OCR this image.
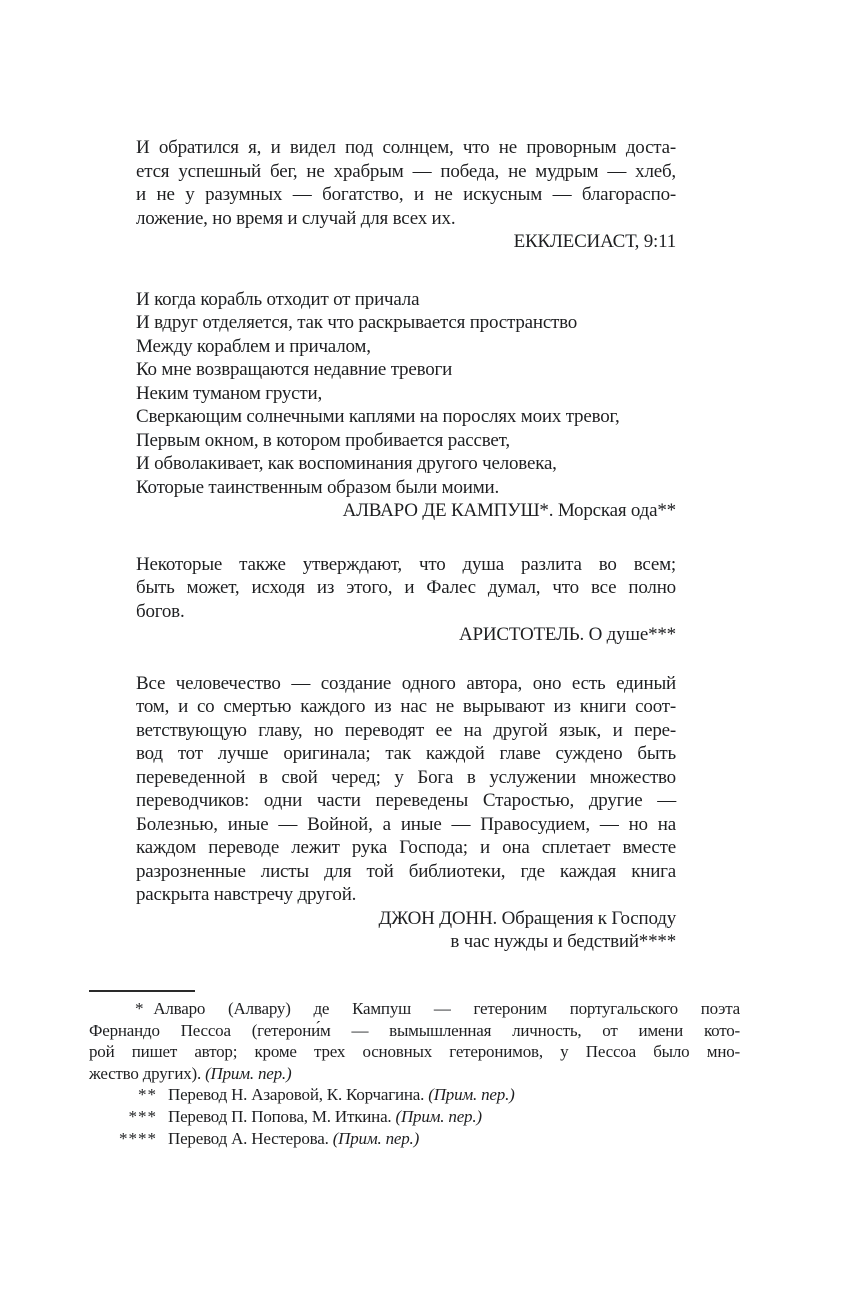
И обратился я, и видел под солнцем, что не проворным доста-
ется успешный бег, не храбрым — победа, не мудрым — хлеб,
и не у разумных — богатство, и не искусным — благораспо-
ложение, но время и случай для всех их.
ЕККЛЕСИАСТ, 9:11
И когда корабль отходит от причала
И вдруг отделяется, так что раскрывается пространство
Между кораблем и причалом,
Ко мне возвращаются недавние тревоги
Неким туманом грусти,
Сверкающим солнечными каплями на порослях моих тревог,
Первым окном, в котором пробивается рассвет,
И обволакивает, как воспоминания другого человека,
Которые таинственным образом были моими.
АЛВАРО ДЕ КАМПУШ*. Морская ода**
Некоторые также утверждают, что душа разлита во всем;
быть может, исходя из этого, и Фалес думал, что все полно
богов.
АРИСТОТЕЛЬ. О душе***
Все человечество — создание одного автора, оно есть единый
том, и со смертью каждого из нас не вырывают из книги соот-
ветствующую главу, но переводят ее на другой язык, и пере-
вод тот лучше оригинала; так каждой главе суждено быть
переведенной в свой черед; у Бога в услужении множество
переводчиков: одни части переведены Старостью, другие —
Болезнью, иные — Войной, а иные — Правосудием, — но на
каждом переводе лежит рука Господа; и она сплетает вместе
разрозненные листы для той библиотеки, где каждая книга
раскрыта навстречу другой.
ДЖОН ДОНН. Обращения к Господу
в час нужды и бедствий****
* Алваро (Алвару) де Кампуш — гетероним португальского поэта
Фернандо Пессоа (гетерони́м — вымышленная личность, от имени кото-
рой пишет автор; кроме трех основных гетеронимов, у Пессоа было мно-
жество других). (Прим. пер.)
** Перевод Н. Азаровой, К. Корчагина. (Прим. пер.)
*** Перевод П. Попова, М. Иткина. (Прим. пер.)
**** Перевод А. Нестерова. (Прим. пер.)
